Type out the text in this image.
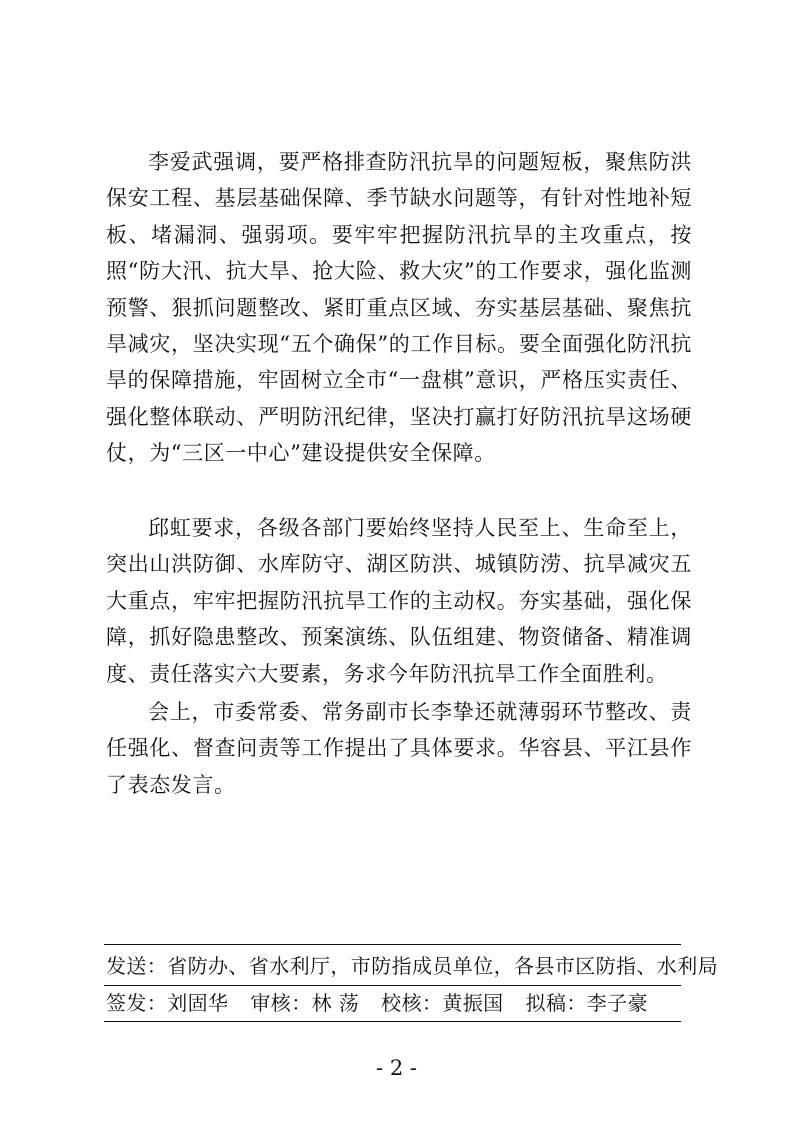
李爱武强调，要严格排查防汛抗旱的问题短板，聚焦防洪保安工程、基层基础保障、季节缺水问题等，有针对性地补短板、堵漏洞、强弱项。要牢牢把握防汛抗旱的主攻重点，按照“防大汛、抗大旱、抢大险、救大灾”的工作要求，强化监测预警、狠抓问题整改、紧盯重点区域、夯实基层基础、聚焦抗旱减灾，坚决实现“五个确保”的工作目标。要全面强化防汛抗旱的保障措施，牢固树立全市“一盘棋”意识，严格压实责任、强化整体联动、严明防汛纪律，坚决打赢打好防汛抗旱这场硬仗，为“三区一中心”建设提供安全保障。

邱虹要求，各级各部门要始终坚持人民至上、生命至上，突出山洪防御、水库防守、湖区防洪、城镇防涝、抗旱减灾五大重点，牢牢把握防汛抗旱工作的主动权。夯实基础，强化保障，抓好隐患整改、预案演练、队伍组建、物资储备、精准调度、责任落实六大要素，务求今年防汛抗旱工作全面胜利。

会上，市委常委、常务副市长李挚还就薄弱环节整改、责任强化、督查问责等工作提出了具体要求。华容县、平江县作了表态发言。

发送：省防办、省水利厅，市防指成员单位，各县市区防指、水利局
签发：刘固华 审核：林 荡 校核：黄振国 拟稿：李子豪
- 2 -
